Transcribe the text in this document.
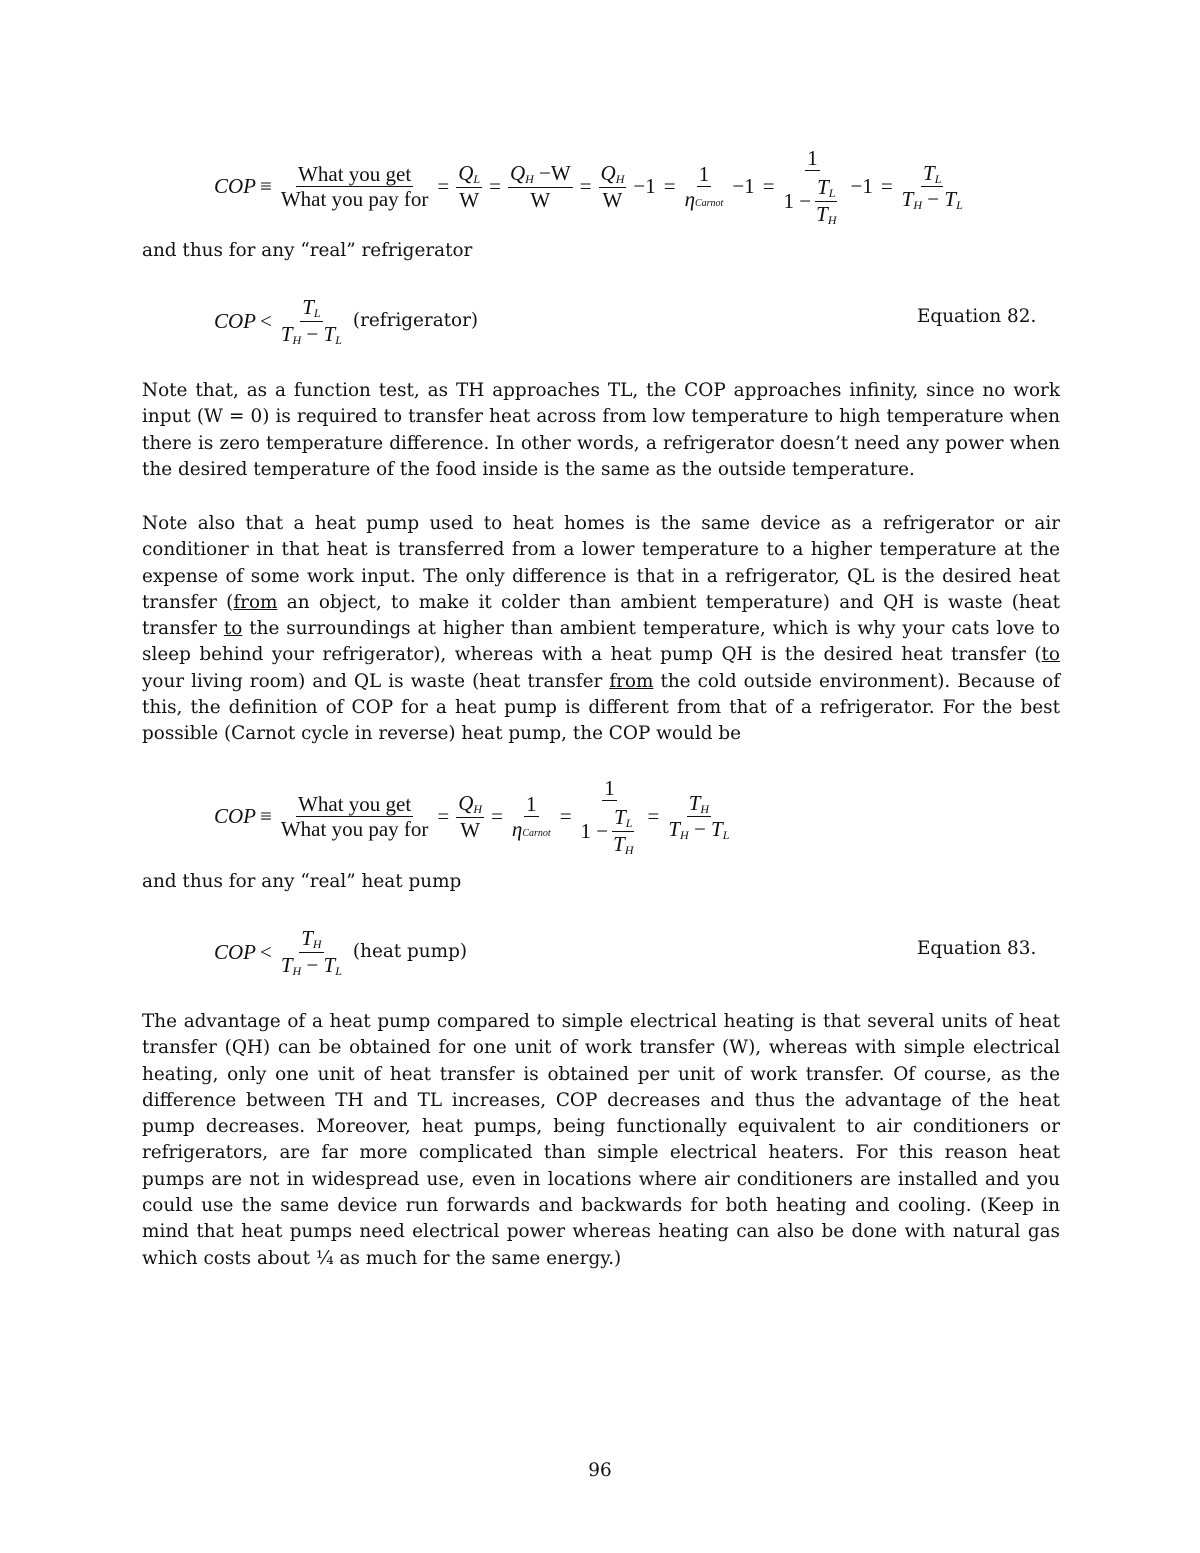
COP ≡ $\frac{\text{What you get}}{\text{What you pay for}} = \frac{Q_L}{W} = \frac{Q_H -W}{W} = \frac{Q_H}{W} -1 = \frac{1}{\text{ηCarnot}} -1 = \frac{1}{1 - \frac{T_L}{T_H}} -1 = \frac{T_L}{T_H - T_L}$
and thus for any “real” refrigerator
COP < $\frac{T_L}{T_H - T_L}$ (refrigerator)	Equation 82.
Note that, as a function test, as TH approaches TL, the COP approaches infinity, since no work input (W = 0) is required to transfer heat across from low temperature to high temperature when there is zero temperature difference. In other words, a refrigerator doesn’t need any power when the desired temperature of the food inside is the same as the outside temperature.
Note also that a heat pump used to heat homes is the same device as a refrigerator or air conditioner in that heat is transferred from a lower temperature to a higher temperature at the expense of some work input. The only difference is that in a refrigerator, QL is the desired heat transfer (from an object, to make it colder than ambient temperature) and QH is waste (heat transfer to the surroundings at higher than ambient temperature, which is why your cats love to sleep behind your refrigerator), whereas with a heat pump QH is the desired heat transfer (to your living room) and QL is waste (heat transfer from the cold outside environment). Because of this, the definition of COP for a heat pump is different from that of a refrigerator. For the best possible (Carnot cycle in reverse) heat pump, the COP would be
COP ≡ $\frac{\text{What you get}}{\text{What you pay for}} = \frac{Q_H}{W} = \frac{1}{\text{ηCarnot}} = \frac{1}{1 - \frac{T_L}{T_H}} = \frac{T_H}{T_H - T_L}$
and thus for any “real” heat pump
COP < $\frac{T_H}{T_H - T_L}$ (heat pump)	Equation 83.
The advantage of a heat pump compared to simple electrical heating is that several units of heat transfer (QH) can be obtained for one unit of work transfer (W), whereas with simple electrical heating, only one unit of heat transfer is obtained per unit of work transfer. Of course, as the difference between TH and TL increases, COP decreases and thus the advantage of the heat pump decreases. Moreover, heat pumps, being functionally equivalent to air conditioners or refrigerators, are far more complicated than simple electrical heaters. For this reason heat pumps are not in widespread use, even in locations where air conditioners are installed and you could use the same device run forwards and backwards for both heating and cooling. (Keep in mind that heat pumps need electrical power whereas heating can also be done with natural gas which costs about ¼ as much for the same energy.)
96
